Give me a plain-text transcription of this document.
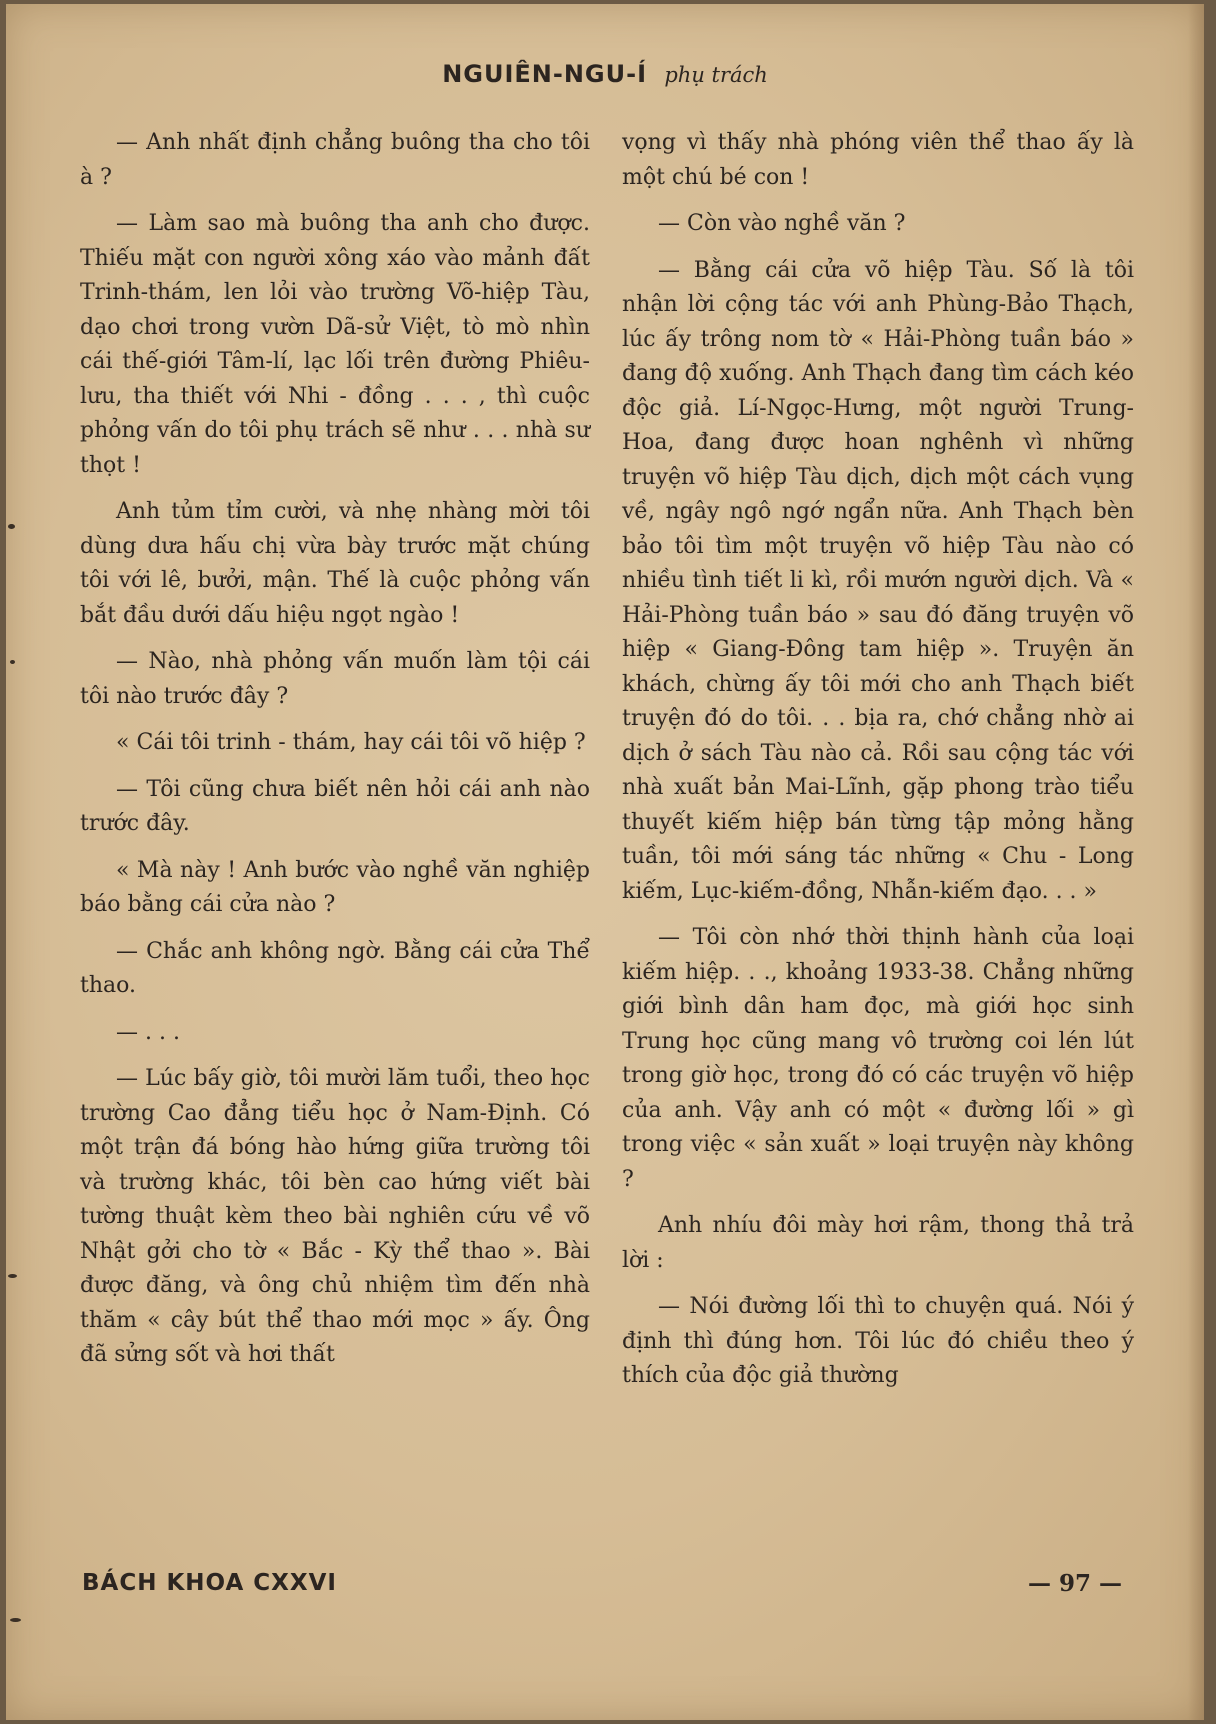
NGUIÊN-NGU-Í phụ trách

— Anh nhất định chẳng buông tha cho tôi à ?

— Làm sao mà buông tha anh cho được. Thiếu mặt con người xông xáo vào mảnh đất Trinh-thám, len lỏi vào trường Võ-hiệp Tàu, dạo chơi trong vườn Dã-sử Việt, tò mò nhìn cái thế-giới Tâm-lí, lạc lối trên đường Phiêu-lưu, tha thiết với Nhi - đồng . . . , thì cuộc phỏng vấn do tôi phụ trách sẽ như . . . nhà sư thọt !

Anh tủm tỉm cười, và nhẹ nhàng mời tôi dùng dưa hấu chị vừa bày trước mặt chúng tôi với lê, bưởi, mận. Thế là cuộc phỏng vấn bắt đầu dưới dấu hiệu ngọt ngào !

— Nào, nhà phỏng vấn muốn làm tội cái tôi nào trước đây ?

« Cái tôi trinh - thám, hay cái tôi võ hiệp ?

— Tôi cũng chưa biết nên hỏi cái anh nào trước đây.

« Mà này ! Anh bước vào nghề văn nghiệp báo bằng cái cửa nào ?

— Chắc anh không ngờ. Bằng cái cửa Thể thao.

— . . .

— Lúc bấy giờ, tôi mười lăm tuổi, theo học trường Cao đẳng tiểu học ở Nam-Định. Có một trận đá bóng hào hứng giữa trường tôi và trường khác, tôi bèn cao hứng viết bài tường thuật kèm theo bài nghiên cứu về võ Nhật gởi cho tờ « Bắc - Kỳ thể thao ». Bài được đăng, và ông chủ nhiệm tìm đến nhà thăm « cây bút thể thao mới mọc » ấy. Ông đã sửng sốt và hơi thất

vọng vì thấy nhà phóng viên thể thao ấy là một chú bé con !

— Còn vào nghề văn ?

— Bằng cái cửa võ hiệp Tàu. Số là tôi nhận lời cộng tác với anh Phùng-Bảo Thạch, lúc ấy trông nom tờ « Hải-Phòng tuần báo » đang độ xuống. Anh Thạch đang tìm cách kéo độc giả. Lí-Ngọc-Hưng, một người Trung-Hoa, đang được hoan nghênh vì những truyện võ hiệp Tàu dịch, dịch một cách vụng về, ngây ngô ngớ ngẩn nữa. Anh Thạch bèn bảo tôi tìm một truyện võ hiệp Tàu nào có nhiều tình tiết li kì, rồi mướn người dịch. Và « Hải-Phòng tuần báo » sau đó đăng truyện võ hiệp « Giang-Đông tam hiệp ». Truyện ăn khách, chừng ấy tôi mới cho anh Thạch biết truyện đó do tôi. . . bịa ra, chớ chẳng nhờ ai dịch ở sách Tàu nào cả. Rồi sau cộng tác với nhà xuất bản Mai-Lĩnh, gặp phong trào tiểu thuyết kiếm hiệp bán từng tập mỏng hằng tuần, tôi mới sáng tác những « Chu - Long kiếm, Lục-kiếm-đồng, Nhẫn-kiếm đạo. . . »

— Tôi còn nhớ thời thịnh hành của loại kiếm hiệp. . ., khoảng 1933-38. Chẳng những giới bình dân ham đọc, mà giới học sinh Trung học cũng mang vô trường coi lén lút trong giờ học, trong đó có các truyện võ hiệp của anh. Vậy anh có một « đường lối » gì trong việc « sản xuất » loại truyện này không ?

Anh nhíu đôi mày hơi rậm, thong thả trả lời :

— Nói đường lối thì to chuyện quá. Nói ý định thì đúng hơn. Tôi lúc đó chiều theo ý thích của độc giả thường

BÁCH KHOA CXXVI	— 97 —
